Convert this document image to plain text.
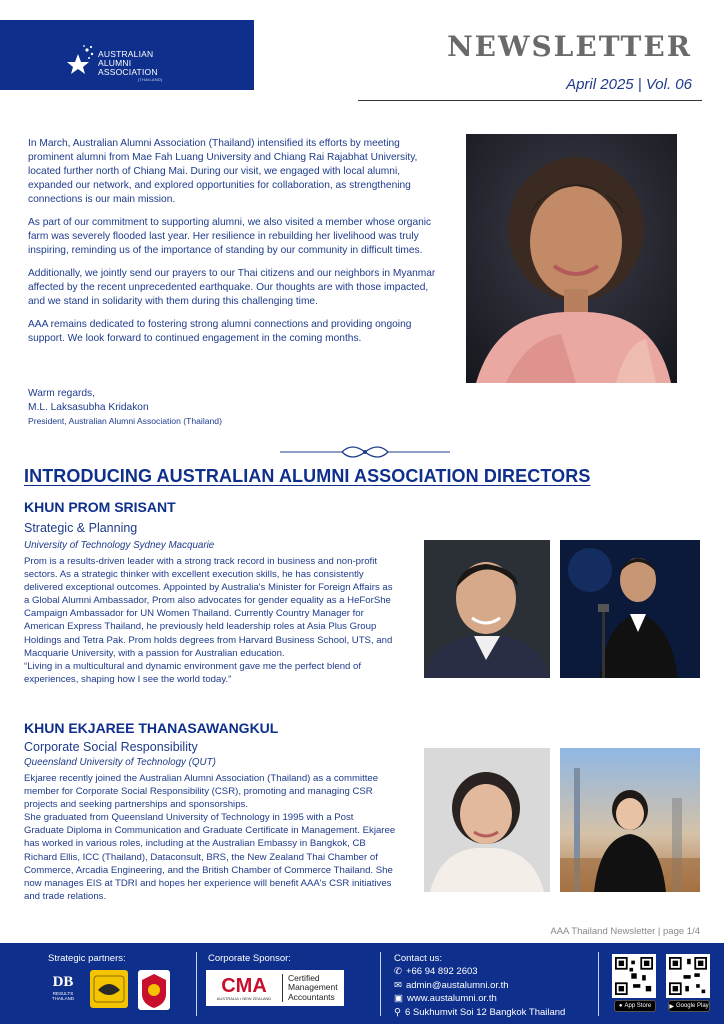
AUSTRALIAN
ALUMNI
ASSOCIATION
(THAILAND)
NEWSLETTER
April 2025 | Vol. 06

In March, Australian Alumni Association (Thailand) intensified its efforts by meeting prominent alumni from Mae Fah Luang University and Chiang Rai Rajabhat University, located further north of Chiang Mai. During our visit, we engaged with local alumni, expanded our network, and explored opportunities for collaboration, as strengthening connections is our main mission.

As part of our commitment to supporting alumni, we also visited a member whose organic farm was severely flooded last year. Her resilience in rebuilding her livelihood was truly inspiring, reminding us of the importance of standing by our community in difficult times.

Additionally, we jointly send our prayers to our Thai citizens and our neighbors in Myanmar affected by the recent unprecedented earthquake. Our thoughts are with those impacted, and we stand in solidarity with them during this challenging time.

AAA remains dedicated to fostering strong alumni connections and providing ongoing support. We look forward to continued engagement in the coming months.

Warm regards,
M.L. Laksasubha Kridakon
President, Australian Alumni Association (Thailand)
INTRODUCING AUSTRALIAN ALUMNI ASSOCIATION DIRECTORS
KHUN PROM SRISANT
Strategic & Planning
University of Technology Sydney Macquarie
Prom is a results-driven leader with a strong track record in business and non-profit sectors. As a strategic thinker with excellent execution skills, he has consistently delivered exceptional outcomes. Appointed by Australia's Minister for Foreign Affairs as a Global Alumni Ambassador, Prom also advocates for gender equality as a HeForShe Campaign Ambassador for UN Women Thailand. Currently Country Manager for American Express Thailand, he previously held leadership roles at Asia Plus Group Holdings and Tetra Pak. Prom holds degrees from Harvard Business School, UTS, and Macquarie University, with a passion for Australian education.
“Living in a multicultural and dynamic environment gave me the perfect blend of experiences, shaping how I see the world today.”
KHUN EKJAREE THANASAWANGKUL
Corporate Social Responsibility
Queensland University of Technology (QUT)
Ekjaree recently joined the Australian Alumni Association (Thailand) as a committee member for Corporate Social Responsibility (CSR), promoting and managing CSR projects and seeking partnerships and sponsorships.
She graduated from Queensland University of Technology in 1995 with a Post Graduate Diploma in Communication and Graduate Certificate in Management. Ekjaree has worked in various roles, including at the Australian Embassy in Bangkok, CB Richard Ellis, ICC (Thailand), Dataconsult, BRS, the New Zealand Thai Chamber of Commerce, Arcadia Engineering, and the British Chamber of Commerce Thailand. She now manages EIS at TDRI and hopes her experience will benefit AAA's CSR initiatives and trade relations.
AAA Thailand Newsletter | page 1/4
Strategic partners:
DB
RESULTS
THAILAND
Corporate Sponsor:
CMA
AUSTRALIA • NEW ZEALAND
Certified
Management
Accountants
Contact us:
✆ +66 94 892 2603
✉ admin@austalumni.or.th
▣ www.austalumni.or.th
⚲ 6 Sukhumvit Soi 12 Bangkok Thailand
● App Store	▶ Google Play
